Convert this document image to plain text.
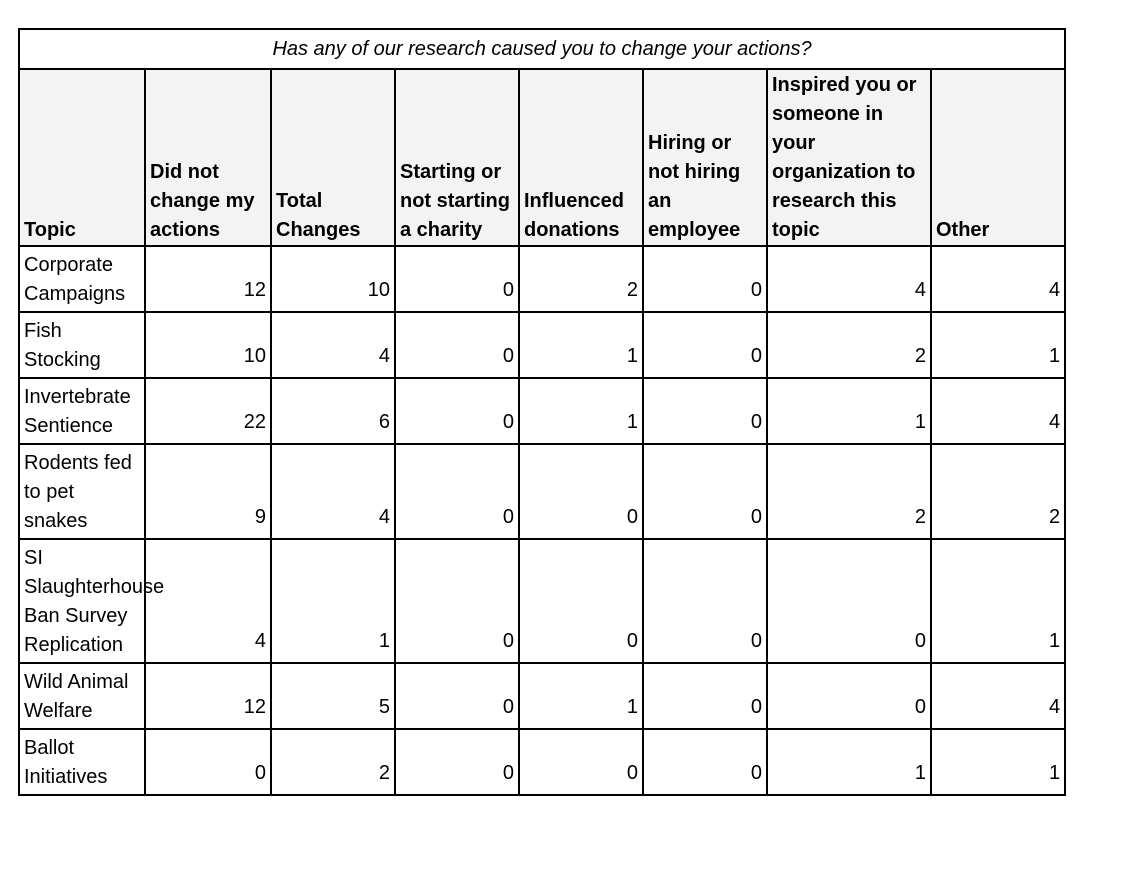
Has any of our research caused you to change your actions?							
Topic	Did not change my actions	Total Changes	Starting or not starting a charity	Influenced donations	Hiring or not hiring an employee	Inspired you or someone in your organization to research this topic	Other
Corporate Campaigns	12	10	0	2	0	4	4
Fish Stocking	10	4	0	1	0	2	1
Invertebrate Sentience	22	6	0	1	0	1	4
Rodents fed to pet snakes	9	4	0	0	0	2	2
SI Slaughterhouse Ban Survey Replication	4	1	0	0	0	0	1
Wild Animal Welfare	12	5	0	1	0	0	4
Ballot Initiatives	0	2	0	0	0	1	1
